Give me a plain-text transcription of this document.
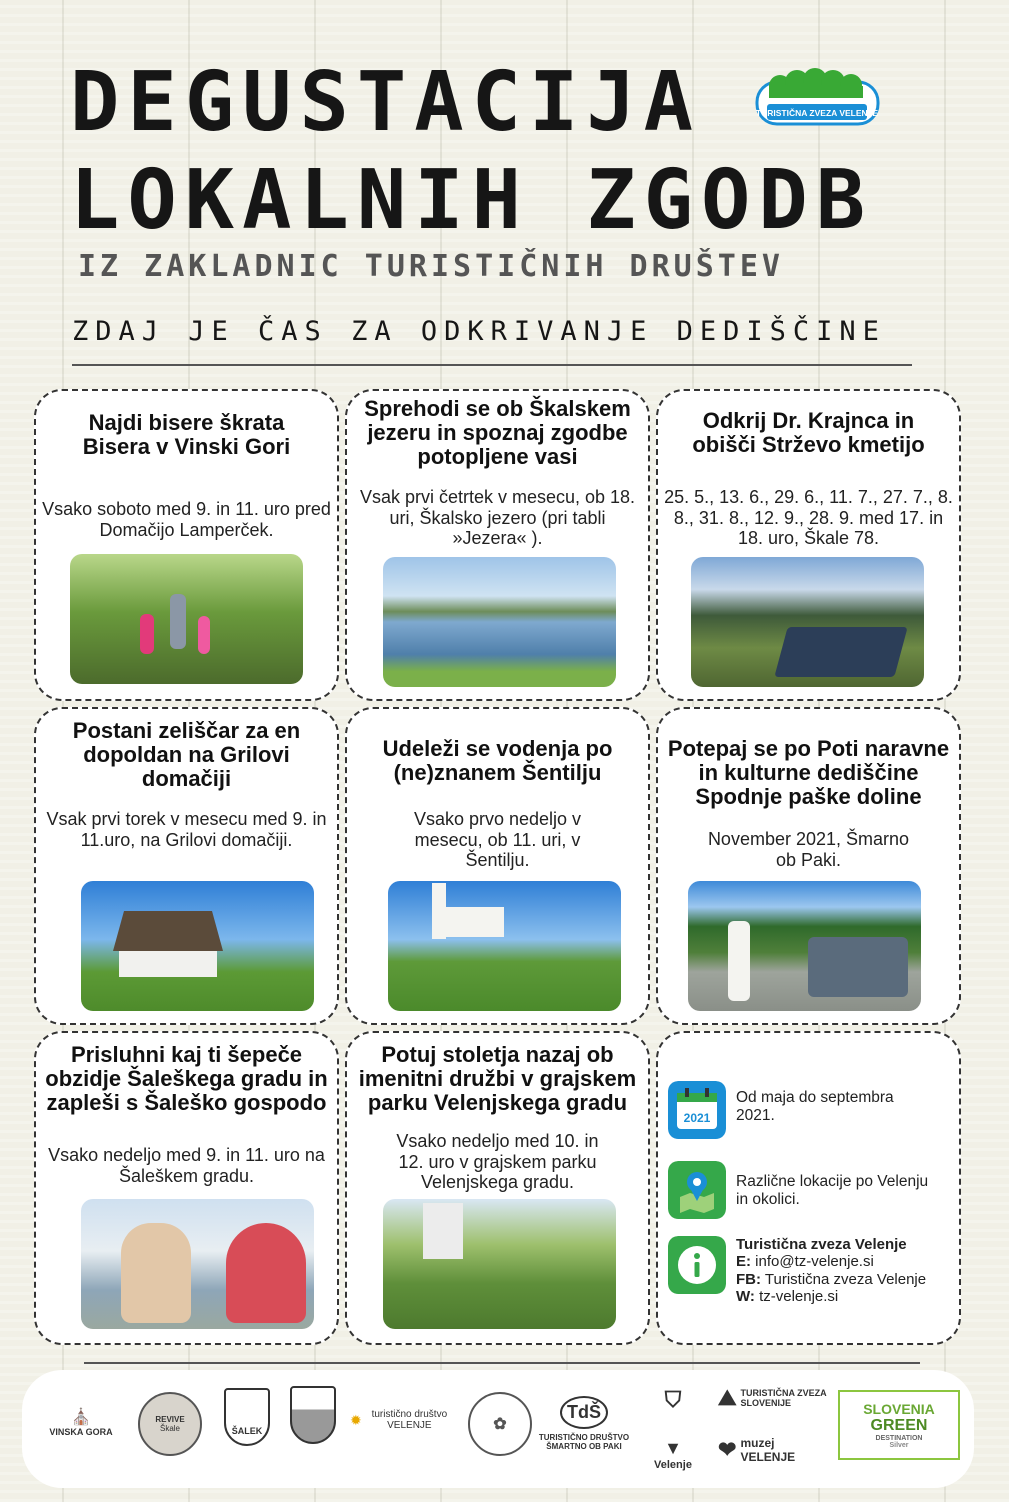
DEGUSTACIJA
LOKALNIH ZGODB
IZ ZAKLADNIC TURISTIČNIH DRUŠTEV
ZDAJ JE ČAS ZA ODKRIVANJE DEDIŠČINE
TURISTIČNA ZVEZA VELENJE
Najdi bisere škrata Bisera v Vinski Gori

Vsako soboto med 9. in 11. uro pred Domačijo Lamperček.

Sprehodi se ob Škalskem jezeru in spoznaj zgodbe potopljene vasi

Vsak prvi četrtek v mesecu, ob 18. uri, Škalsko jezero (pri tabli »Jezera« ).

Odkrij Dr. Krajnca in obišči Strževo kmetijo

25. 5., 13. 6., 29. 6., 11. 7., 27. 7., 8. 8., 31. 8., 12. 9., 28. 9. med 17. in 18. uro, Škale 78.

Postani zeliščar za en dopoldan na Grilovi domačiji

Vsak prvi torek v mesecu med 9. in 11.uro, na Grilovi domačiji.

Udeleži se vodenja po (ne)znanem Šentilju

Vsako prvo nedeljo v mesecu, ob 11. uri, v Šentilju.

Potepaj se po Poti naravne in kulturne dediščine Spodnje paške doline

November 2021, Šmarno ob Paki.

Prisluhni kaj ti šepeče obzidje Šaleškega gradu in zapleši s Šaleško gospodo

Vsako nedeljo med 9. in 11. uro na Šaleškem gradu.

Potuj stoletja nazaj ob imenitni družbi v grajskem parku Velenjskega gradu

Vsako nedeljo med 10. in 12. uro v grajskem parku Velenjskega gradu.

2021
Od maja do septembra 2021.
Različne lokacije po Velenju in okolici.
Turistična zveza Velenje
E: info@tz-velenje.si
FB: Turistična zveza Velenje
W: tz-velenje.si
⛪
VINSKA GORA
REVIVE
Škale	ŠALEK
✹ turistično društvo VELENJE	✿
TdŠ
TURISTIČNO DRUŠTVO ŠMARTNO OB PAKI
⛉
▼
Velenje
⛰ TURISTIČNA ZVEZA SLOVENIJE
❤ muzej VELENJE
SLOVENIA
GREEN
DESTINATION
Silver
